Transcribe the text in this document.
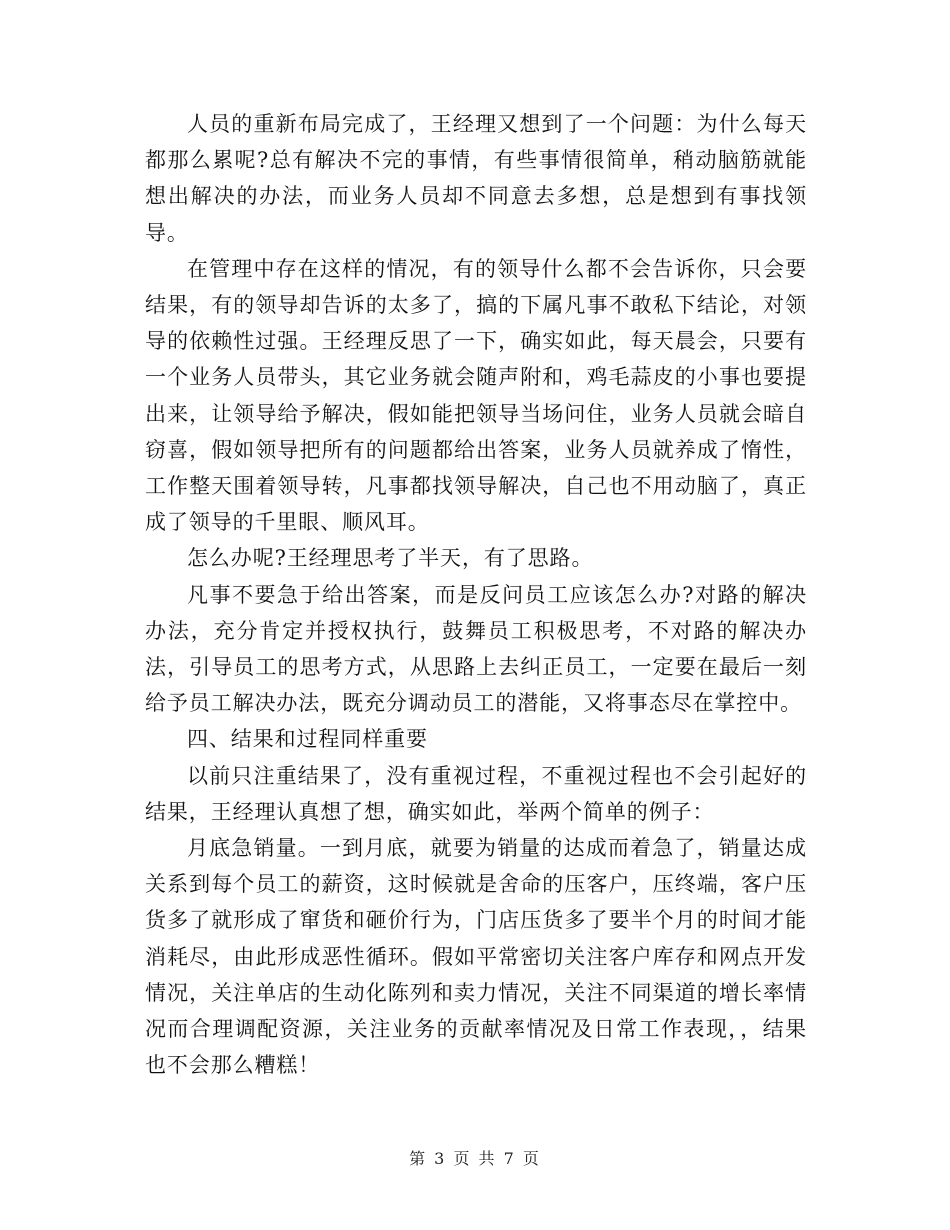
人员的重新布局完成了，王经理又想到了一个问题：为什么每天都那么累呢?总有解决不完的事情，有些事情很简单，稍动脑筋就能想出解决的办法，而业务人员却不同意去多想，总是想到有事找领导。

在管理中存在这样的情况，有的领导什么都不会告诉你，只会要结果，有的领导却告诉的太多了，搞的下属凡事不敢私下结论，对领导的依赖性过强。王经理反思了一下，确实如此，每天晨会，只要有一个业务人员带头，其它业务就会随声附和，鸡毛蒜皮的小事也要提出来，让领导给予解决，假如能把领导当场问住，业务人员就会暗自窃喜，假如领导把所有的问题都给出答案，业务人员就养成了惰性，工作整天围着领导转，凡事都找领导解决，自己也不用动脑了，真正成了领导的千里眼、顺风耳。

怎么办呢?王经理思考了半天，有了思路。

凡事不要急于给出答案，而是反问员工应该怎么办?对路的解决办法，充分肯定并授权执行，鼓舞员工积极思考，不对路的解决办法，引导员工的思考方式，从思路上去纠正员工，一定要在最后一刻给予员工解决办法，既充分调动员工的潜能，又将事态尽在掌控中。

四、结果和过程同样重要

以前只注重结果了，没有重视过程，不重视过程也不会引起好的结果，王经理认真想了想，确实如此，举两个简单的例子：

月底急销量。一到月底，就要为销量的达成而着急了，销量达成关系到每个员工的薪资，这时候就是舍命的压客户，压终端，客户压货多了就形成了窜货和砸价行为，门店压货多了要半个月的时间才能消耗尽，由此形成恶性循环。假如平常密切关注客户库存和网点开发情况，关注单店的生动化陈列和卖力情况，关注不同渠道的增长率情况而合理调配资源，关注业务的贡献率情况及日常工作表现，，结果也不会那么糟糕！

第 3 页 共 7 页
